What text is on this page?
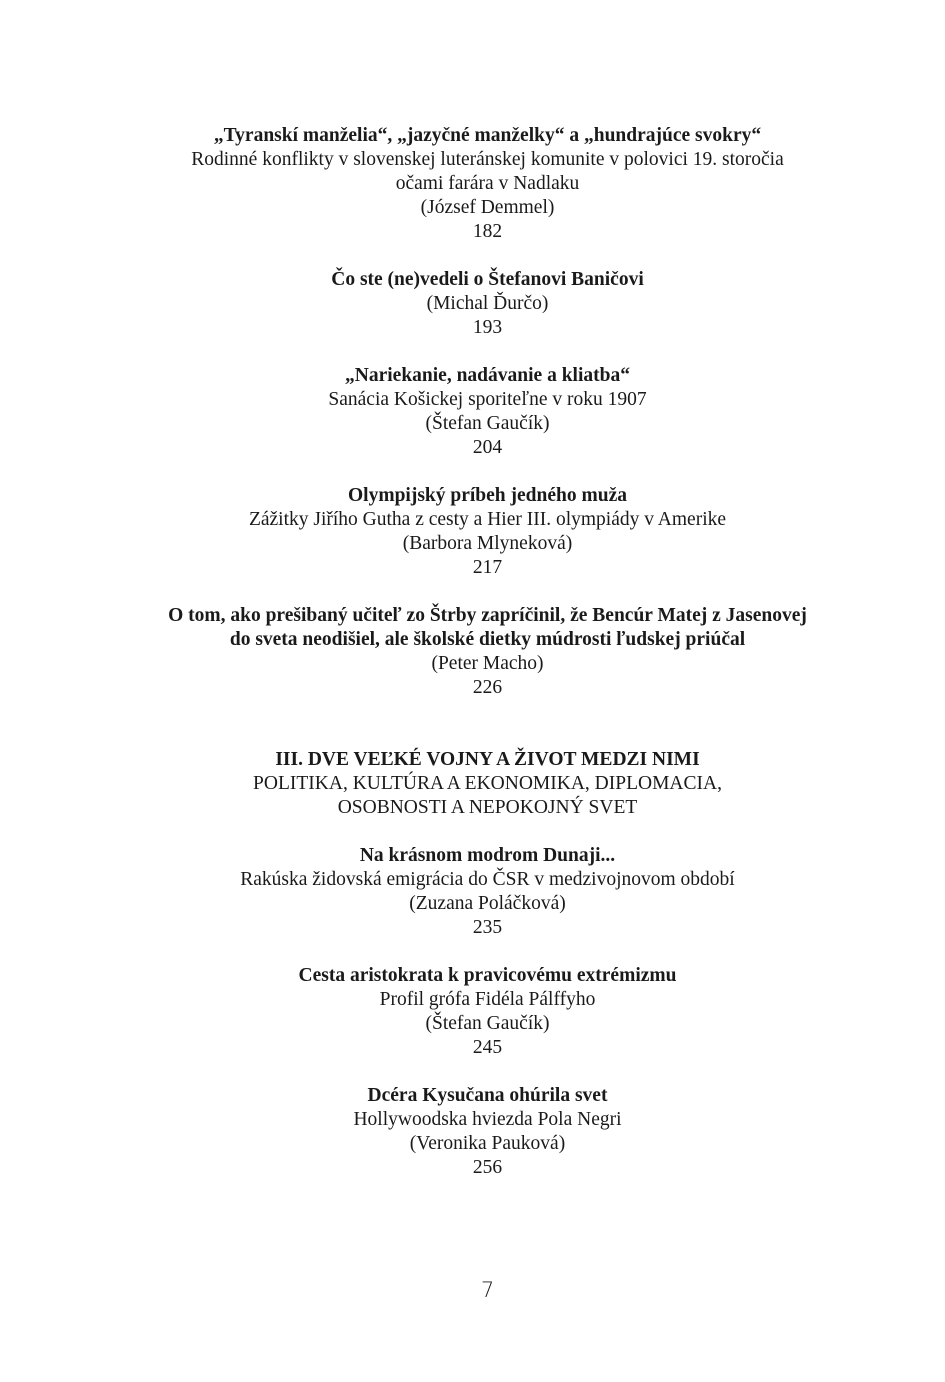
„Tyranskí manželia“, „jazyčné manželky“ a „hundrajúce svokry“
Rodinné konflikty v slovenskej luteránskej komunite v polovici 19. storočia
očami farára v Nadlaku
(József Demmel)
182
Čo ste (ne)vedeli o Štefanovi Baničovi
(Michal Ďurčo)
193
„Nariekanie, nadávanie a kliatba“
Sanácia Košickej sporiteľne v roku 1907
(Štefan Gaučík)
204
Olympijský príbeh jedného muža
Zážitky Jiřího Gutha z cesty a Hier III. olympiády v Amerike
(Barbora Mlyneková)
217
O tom, ako prešibaný učiteľ zo Štrby zapríčinil, že Bencúr Matej z Jasenovej
do sveta neodišiel, ale školské dietky múdrosti ľudskej priúčal
(Peter Macho)
226
III. DVE VEĽKÉ VOJNY A ŽIVOT MEDZI NIMI
POLITIKA, KULTÚRA A EKONOMIKA, DIPLOMACIA,
OSOBNOSTI A NEPOKOJNÝ SVET
Na krásnom modrom Dunaji...
Rakúska židovská emigrácia do ČSR v medzivojnovom období
(Zuzana Poláčková)
235
Cesta aristokrata k pravicovému extrémizmu
Profil grófa Fidéla Pálffyho
(Štefan Gaučík)
245
Dcéra Kysučana ohúrila svet
Hollywoodska hviezda Pola Negri
(Veronika Pauková)
256
7
